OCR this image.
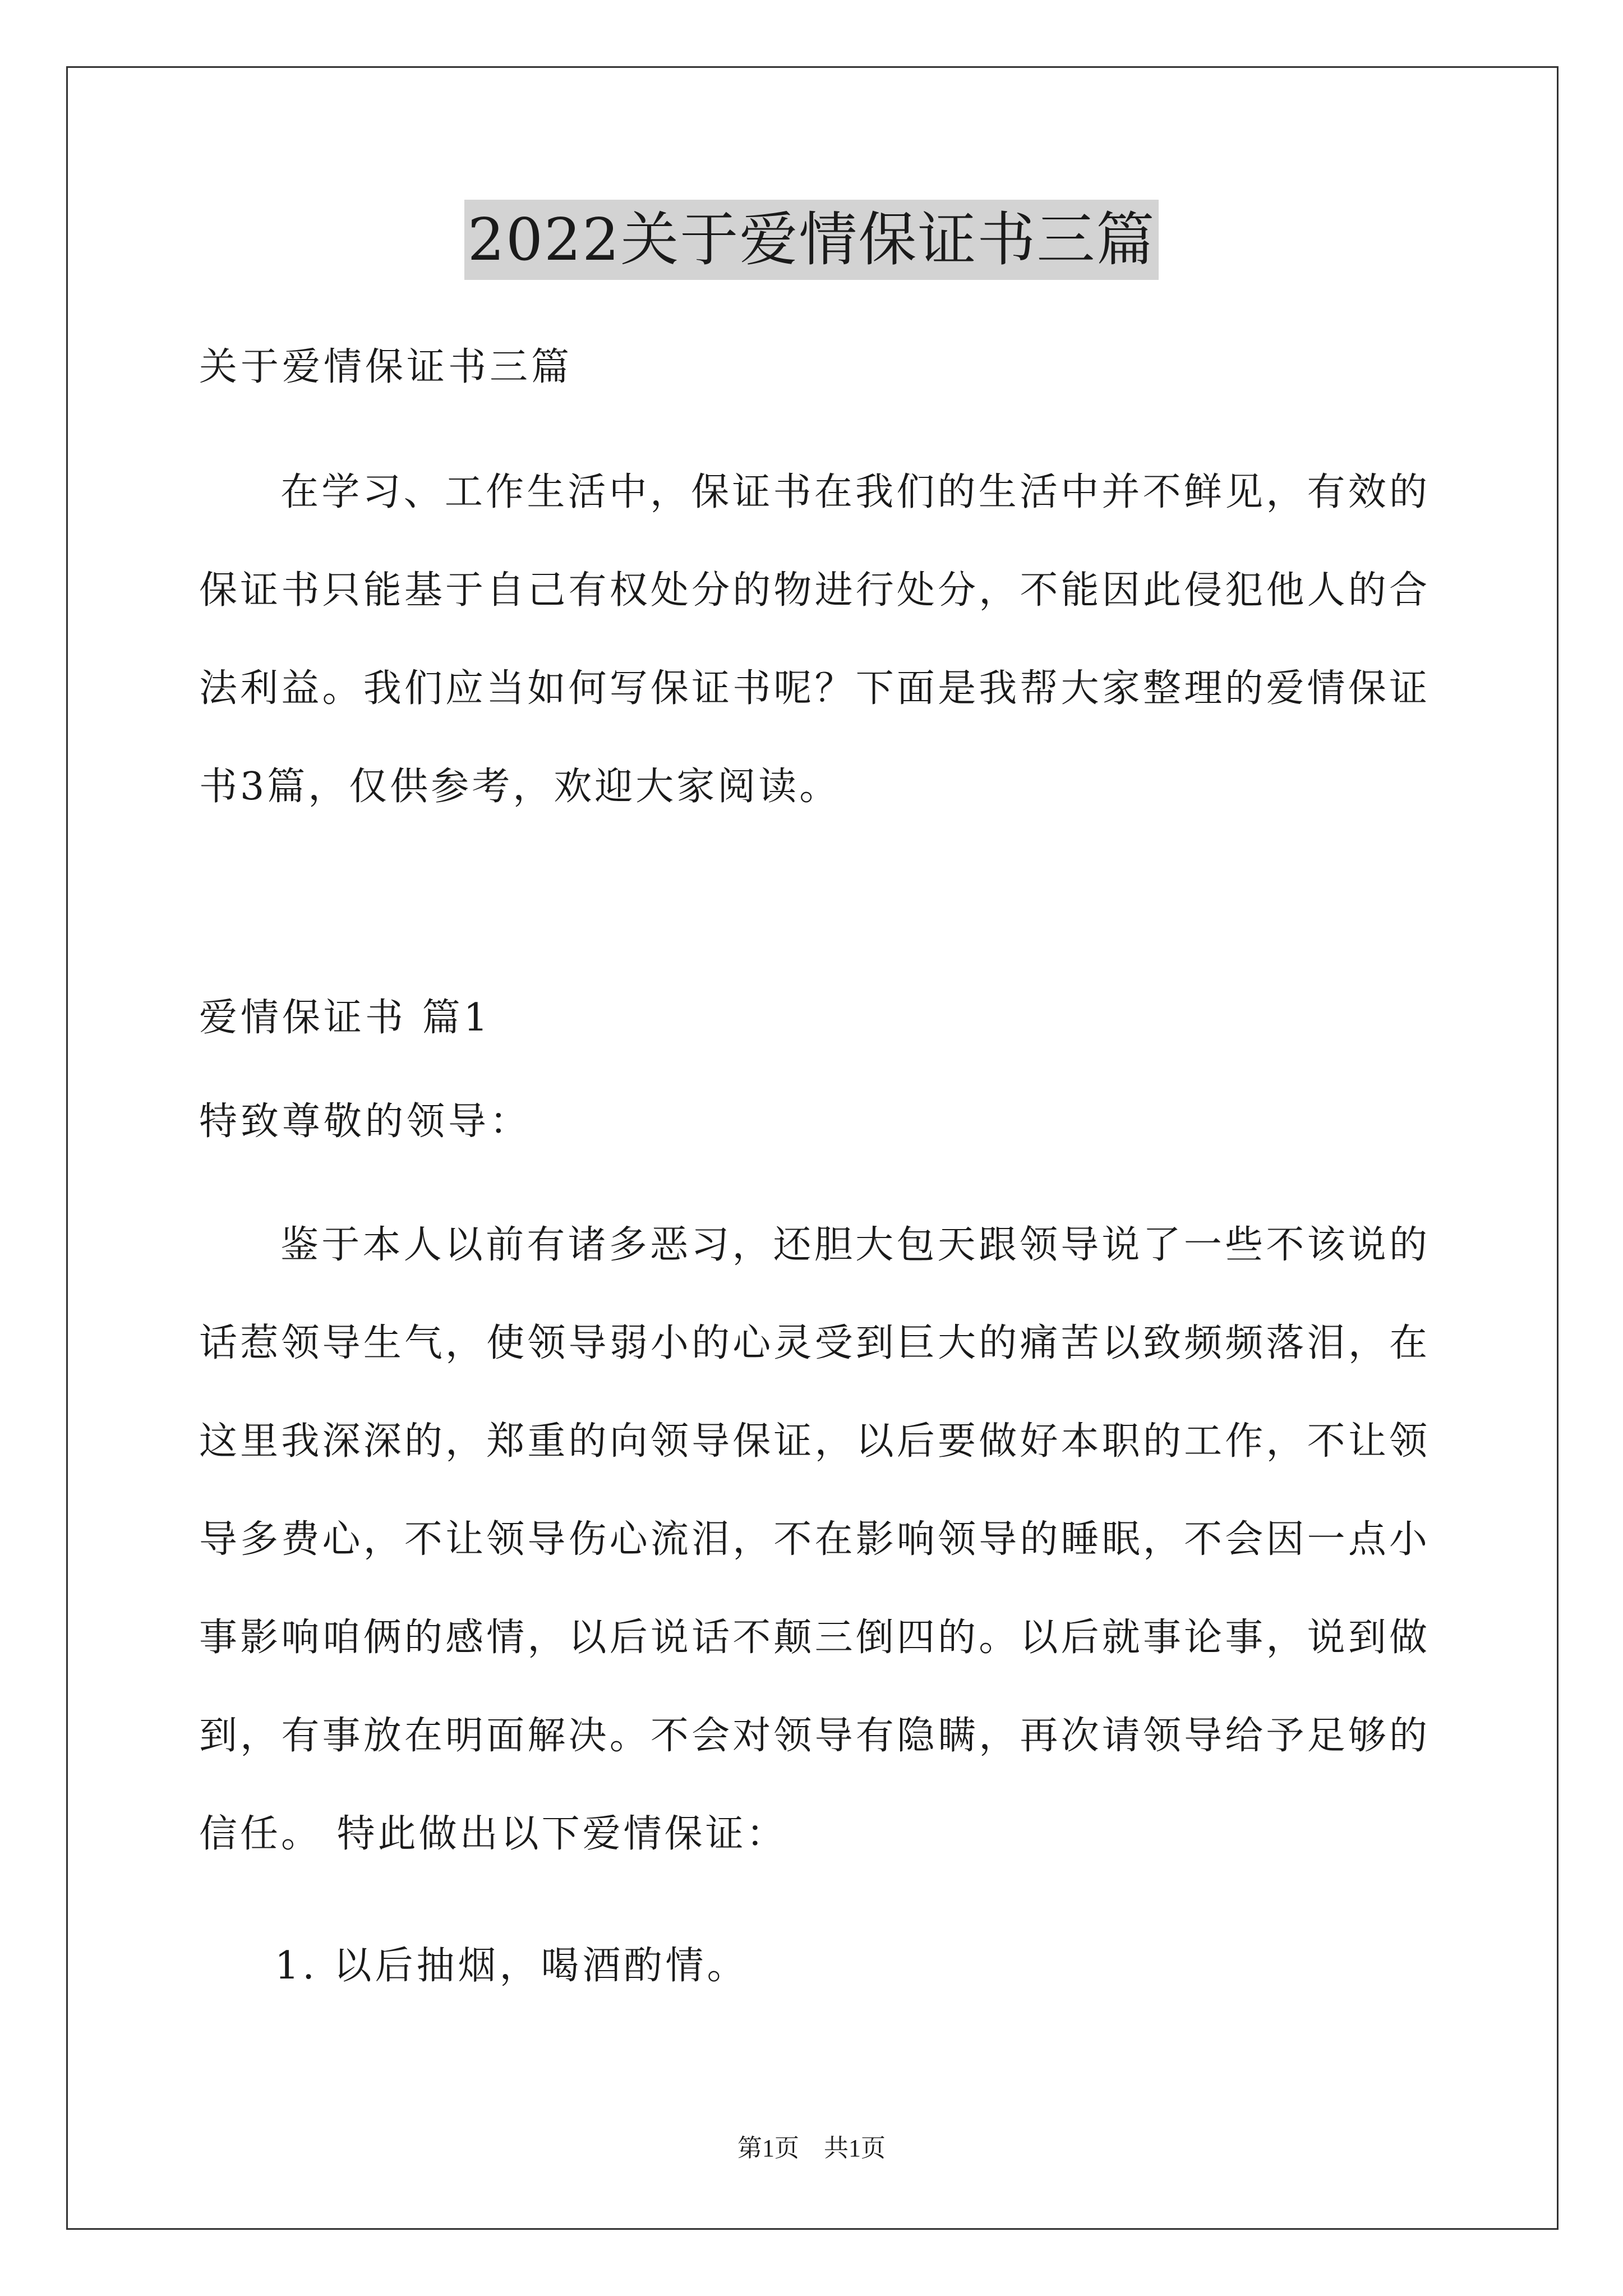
2022关于爱情保证书三篇

关于爱情保证书三篇

在学习、工作生活中，保证书在我们的生活中并不鲜见，有效的保证书只能基于自己有权处分的物进行处分，不能因此侵犯他人的合法利益。我们应当如何写保证书呢？下面是我帮大家整理的爱情保证书3篇，仅供参考，欢迎大家阅读。

爱情保证书 篇1

特致尊敬的领导：

鉴于本人以前有诸多恶习，还胆大包天跟领导说了一些不该说的话惹领导生气，使领导弱小的心灵受到巨大的痛苦以致频频落泪，在这里我深深的，郑重的向领导保证，以后要做好本职的工作，不让领导多费心，不让领导伤心流泪，不在影响领导的睡眠，不会因一点小事影响咱俩的感情，以后说话不颠三倒四的。以后就事论事，说到做到，有事放在明面解决。不会对领导有隐瞒，再次请领导给予足够的信任。 特此做出以下爱情保证：

1. 以后抽烟，喝酒酌情。

第1页　共1页
